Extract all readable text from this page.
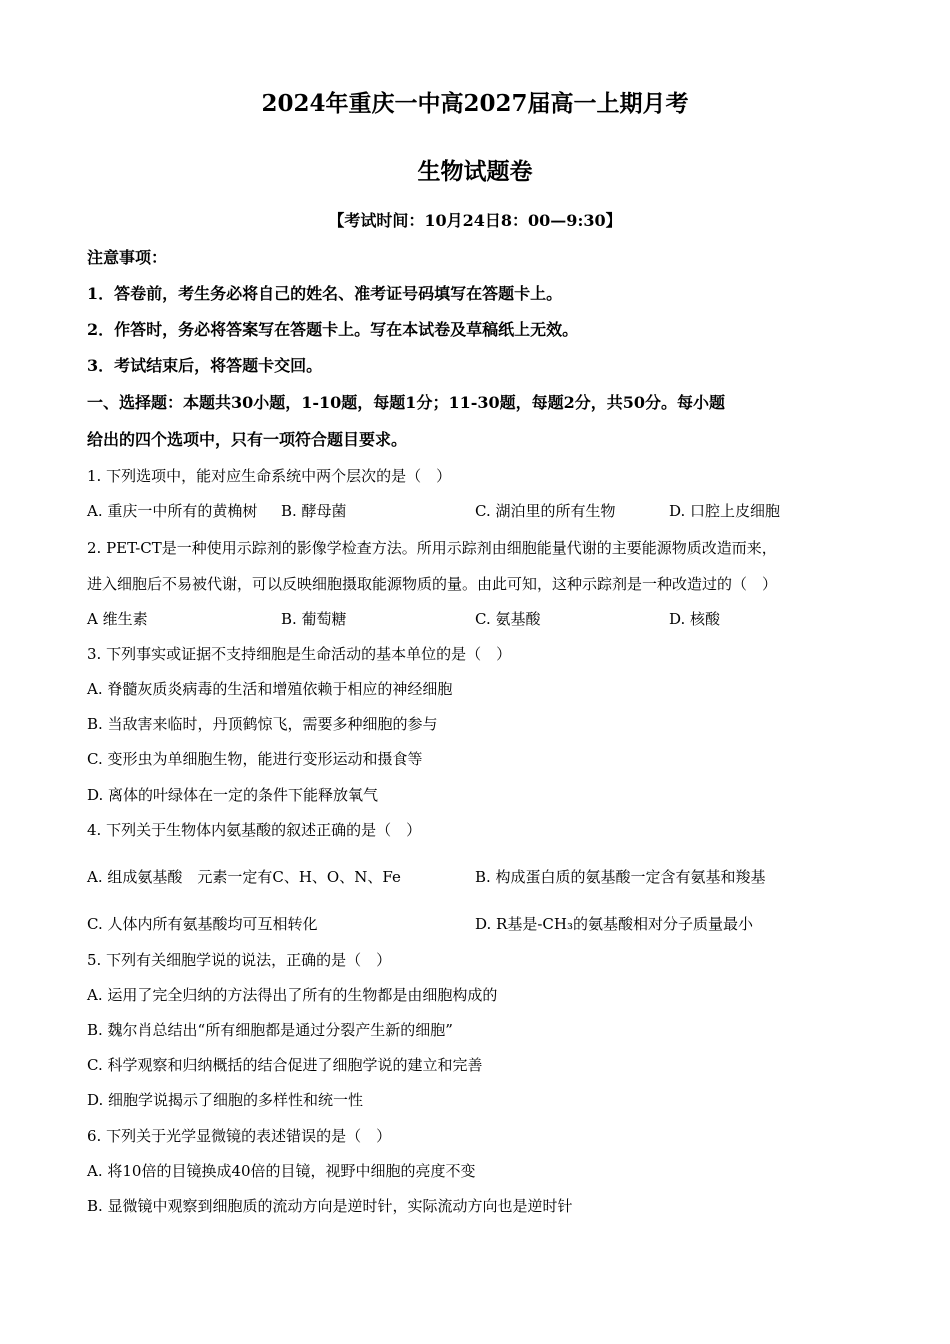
2024年重庆一中高2027届高一上期月考
生物试题卷
【考试时间：10月24日8：00—9:30】
注意事项：
1．答卷前，考生务必将自己的姓名、准考证号码填写在答题卡上。
2．作答时，务必将答案写在答题卡上。写在本试卷及草稿纸上无效。
3．考试结束后，将答题卡交回。
一、选择题：本题共30小题，1-10题，每题1分；11-30题，每题2分，共50分。每小题
给出的四个选项中，只有一项符合题目要求。
1. 下列选项中，能对应生命系统中两个层次的是（　）
A. 重庆一中所有的黄桷树 B. 酵母菌	C. 湖泊里的所有生物	D. 口腔上皮细胞
2. PET-CT是一种使用示踪剂的影像学检查方法。所用示踪剂由细胞能量代谢的主要能源物质改造而来，
进入细胞后不易被代谢，可以反映细胞摄取能源物质的量。由此可知，这种示踪剂是一种改造过的（　）
A 维生素	B. 葡萄糖	C. 氨基酸	D. 核酸
3. 下列事实或证据不支持细胞是生命活动的基本单位的是（　）
A. 脊髓灰质炎病毒的生活和增殖依赖于相应的神经细胞
B. 当敌害来临时，丹顶鹤惊飞，需要多种细胞的参与
C. 变形虫为单细胞生物，能进行变形运动和摄食等
D. 离体的叶绿体在一定的条件下能释放氧气
4. 下列关于生物体内氨基酸的叙述正确的是（　）
A. 组成氨基酸　元素一定有C、H、O、N、Fe	B. 构成蛋白质的氨基酸一定含有氨基和羧基
C. 人体内所有氨基酸均可互相转化	D. R基是-CH₃的氨基酸相对分子质量最小
5. 下列有关细胞学说的说法，正确的是（　）
A. 运用了完全归纳的方法得出了所有的生物都是由细胞构成的
B. 魏尔肖总结出“所有细胞都是通过分裂产生新的细胞”
C. 科学观察和归纳概括的结合促进了细胞学说的建立和完善
D. 细胞学说揭示了细胞的多样性和统一性
6. 下列关于光学显微镜的表述错误的是（　）
A. 将10倍的目镜换成40倍的目镜，视野中细胞的亮度不变
B. 显微镜中观察到细胞质的流动方向是逆时针，实际流动方向也是逆时针
